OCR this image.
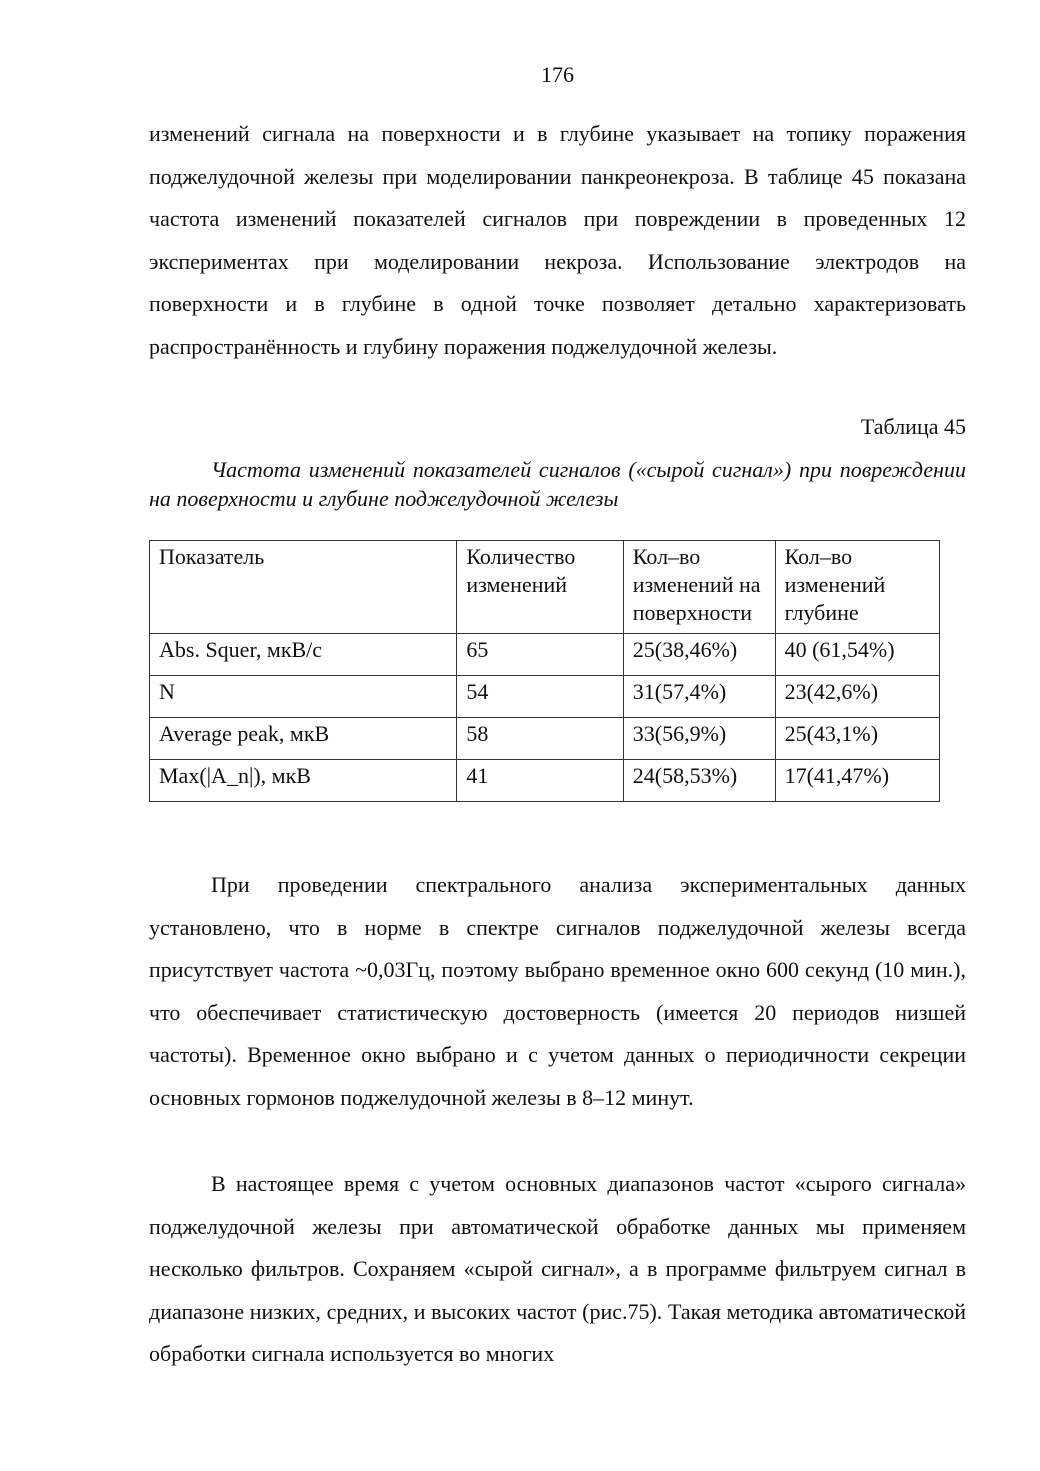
176

изменений сигнала на поверхности и в глубине указывает на топику поражения поджелудочной железы при моделировании панкреонекроза. В таблице 45 показана частота изменений показателей сигналов при повреждении в проведенных 12 экспериментах при моделировании некроза. Использование электродов на поверхности и в глубине в одной точке позволяет детально характеризовать распространённость и глубину поражения поджелудочной железы.

Таблица 45

Частота изменений показателей сигналов («сырой сигнал») при повреждении на поверхности и глубине поджелудочной железы

Показатель	Количество изменений	Кол–во изменений на поверхности	Кол–во изменений глубине
Abs. Squer, мкВ/с	65	25(38,46%)	40 (61,54%)
N	54	31(57,4%)	23(42,6%)
Average peak, мкВ	58	33(56,9%)	25(43,1%)
Max(|A_n|), мкВ	41	24(58,53%)	17(41,47%)

При проведении спектрального анализа экспериментальных данных установлено, что в норме в спектре сигналов поджелудочной железы всегда присутствует частота ~0,03Гц, поэтому выбрано временное окно 600 секунд (10 мин.), что обеспечивает статистическую достоверность (имеется 20 периодов низшей частоты). Временное окно выбрано и с учетом данных о периодичности секреции основных гормонов поджелудочной железы в 8–12 минут.

В настоящее время с учетом основных диапазонов частот «сырого сигнала» поджелудочной железы при автоматической обработке данных мы применяем несколько фильтров. Сохраняем «сырой сигнал», а в программе фильтруем сигнал в диапазоне низких, средних, и высоких частот (рис.75). Такая методика автоматической обработки сигнала используется во многих
